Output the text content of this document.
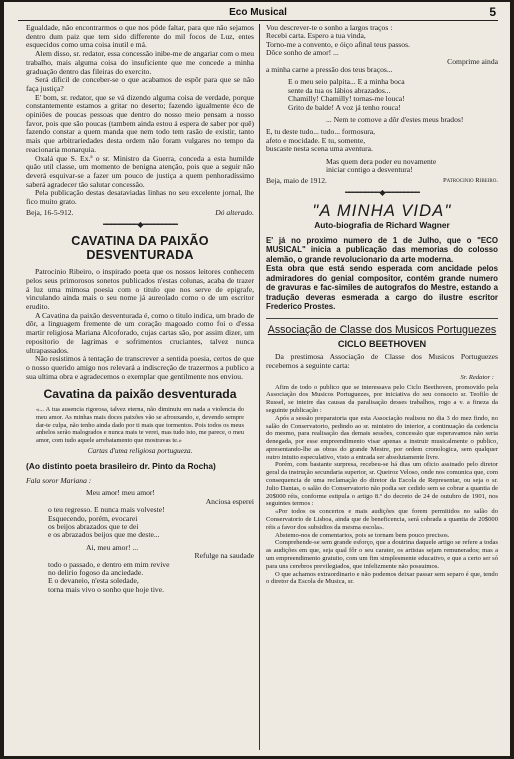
Eco Musical	5

Egualdade, não encontrarmos o que nos póde faltar, para que não sejamos dentro dum paiz que tem sido differente do mil focos de Luz, entes esquecidos como uma coisa inutil e má.

Alem disso, sr. redator, essa concessão inibe-me de angariar com o meu trabalho, mais alguma coisa do insuficiente que me concede a minha graduação dentro das fileiras do exercito.

Será dificil de conceber-se o que acabamos de espôr para que se não faça justiça?

E' bom, sr. redator, que se vá dizendo alguma coisa de verdade, porque constantemente estamos a gritar no deserto; fazendo igualmente éco de opiniões de poucas pessoas que dentro do nosso meio pensam a nosso favor, pois que são poucas (tambem ainda estou á espera de saber por quê) fazendo constar a quem manda que nem todo tem rasão de existir, tanto mais que arbitrariedades desta ordem não foram vulgares no tempo da reacionaria monarquia.

Oxalá que S. Ex.ª o sr. Ministro da Guerra, conceda a esta humilde quão util classe, um momento de benigna atenção, pois que a seguir não deverá esquivar-se a fazer um pouco de justiça a quem penhoradíssimo saberá agradecer tão salutar concessão.

Pela publicação destas desataviadas linhas no seu excelente jornal, lhe fico muito grato.

Beja, 16-5-912.	Dó alterado.
━━━━━━━━━◆━━━━━━━━━
CAVATINA DA PAIXÃO DESVENTURADA

Patrocinio Ribeiro, o inspirado poeta que os nossos leitores conhecem pelos seus primorosos sonetos publicados n'estas colunas, acaba de trazer á luz uma mimosa poesia com o titulo que nos serve de epigrafe, vinculando ainda mais o seu nome já aureolado como o de um escritor erudito.

A Cavatina da paixão desventurada é, como o titulo indica, um brado de dôr, a linguagem fremente de um coração magoado como foi o d'essa martir religiosa Mariana Alcoforado, cujas cartas são, por assim dizer, um repositorio de lagrimas e sofrimentos cruciantes, talvez nunca ultrapassados.

Não resistimos á tentação de transcrever a sentida poesia, certos de que o nosso querido amigo nos relevará a indiscreção de trazermos a publico a sua ultima obra e agradecemos o exemplar que gentilmente nos enviou.

Cavatina da paixão desventurada
«... A tua ausencia rigorosa, talvez eterna, não diminuiu em nada a violencia do meu amor. As minhas mais doces paixões vão se afrouxando, e, devendo sempre dar-te culpa, não tenho ainda dado por ti mais que tormentos. Pois todos os meus anhelos serão malogrados e nunca mais te verei, mas tudo isto, me parece, o meu amor, com tudo aquele arrebatamento que mostravas te.»
Cartas d'uma religiosa portugueza.
(Ao distinto poeta brasileiro dr. Pinto da Rocha)
Fala soror Mariana :
Meu amor! meu amor!
Anciosa esperei
o teu regresso. E nunca mais volveste!
Esquecendo, porém, evocarei
os beijos abrazados que te dei
e os abrazados beijos que me deste...
Ai, meu amor! ...
Refulge na saudade
todo o passado, e dentro em mim revive
no delirio fogoso da anciedade.
E o devaneio, n'esta soledade,
torna mais vivo o sonho que hoje tive.
Vou descrever-te o sonho a largos traços :
Recebi carta. Espero a tua vinda,
Torno-me a convento, e óiço afinal teus passos.
Dôce sonho de amor! ...
Comprime ainda
a minha carne a pressão dos teus braços...
E o meu seio palpita... E a minha boca
sente da tua os lábios abrazados...
Chamilly! Chamilly! tornas-me louca!
Grito de balde! A voz já tenho rouca!
... Nem te comove a dôr d'estes meus brados!
E, tu deste tudo... tudo... formosura,
afeto e mocidade. E tu, somente,
buscaste nesta scena uma aventura.
Mas quem dera poder eu novamente
iniciar contigo a desventura!
Beja, maio de 1912.	Patrocinio Ribeiro.
━━━━━━━━━◆━━━━━━━━━
"A MINHA VIDA"
Auto-biografia de Richard Wagner
E' já no proximo numero de 1 de Julho, que o "ECO MUSICAL" inicia a publicação das memorias do colosso alemão, o grande revolucionario da arte moderna.
Esta obra que está sendo esperada com ancidade pelos admiradores do genial compositor, contém grande numero de gravuras e fac-similes de autografos do Mestre, estando a tradução deveras esmerada a cargo do ilustre escritor Frederico Prostes.
Associação de Classe dos Musicos Portuguezes
CICLO BEETHOVEN

Da prestimosa Associação de Classe dos Musicos Portuguezes recebemos a seguinte carta:

Sr. Redator :

Afim de todo o publico que se interessava pelo Ciclo Beethoven, promovido pela Associação dos Musicos Portuguezes, por iniciativa do seu consocio sr. Teofilo de Russel, se inteire das causas da paralisação desses trabalhos, rogo a v. a fineza da seguinte publicação :

Após a sessão preparatoria que esta Associação realisou no dia 3 do mez findo, no salão do Conservatorio, pedindo ao sr. ministro do interior, a continuação da cedencia do mesmo, para realisação das demais sessões, concessão que esperavamos não seria denegada, por esse empreendimento visar apenas a instruir musicalmente o publico, apresentando-lhe as obras do grande Mestre, por ordem cronologica, sem qualquer outro intuito especulativo, visto a entrada ser absolutamente livre.

Porém, com bastante surpresa, recebeu-se há dias um oficio assinado pelo diretor geral da instrução secundaria superior, sr. Queiroz Veloso, onde nos comunica que, com consequencia de uma reclamação do diretor da Escola de Representar, ou seja o sr. Julio Dantas, o salão do Conservatorio não podia ser cedido sem se cobrar a quantia de 20$000 réis, conforme estipula o artigo 8.º do decreto de 24 de outubro de 1901, nos seguintes termos :

«Por todos os concertos e mais audições que forem permitidos no salão do Conservatorio de Lisboa, ainda que de beneficencia, será cobrada a quantia de 20$000 réis a favor dos subsidios da mesma escola».

Abstemo-nos de comentarios, pois se tornam bem pouco precisos.

Comprehende-se sem grande esforço, que a doutrina daquele artigo se refere a todas as audições em que, seja qual fôr o seu carater, os artistas sejam remunerados; mas a um empreendimento gratuito, com um fim simplesmente educativo, e que a certo ser só para uns cerebros previlegiados, que infelizmente não possuimos.

O que achamos extraordinario e não podemos deixar passar sem separo é que, tendo o diretor da Escola de Musica, sr.
